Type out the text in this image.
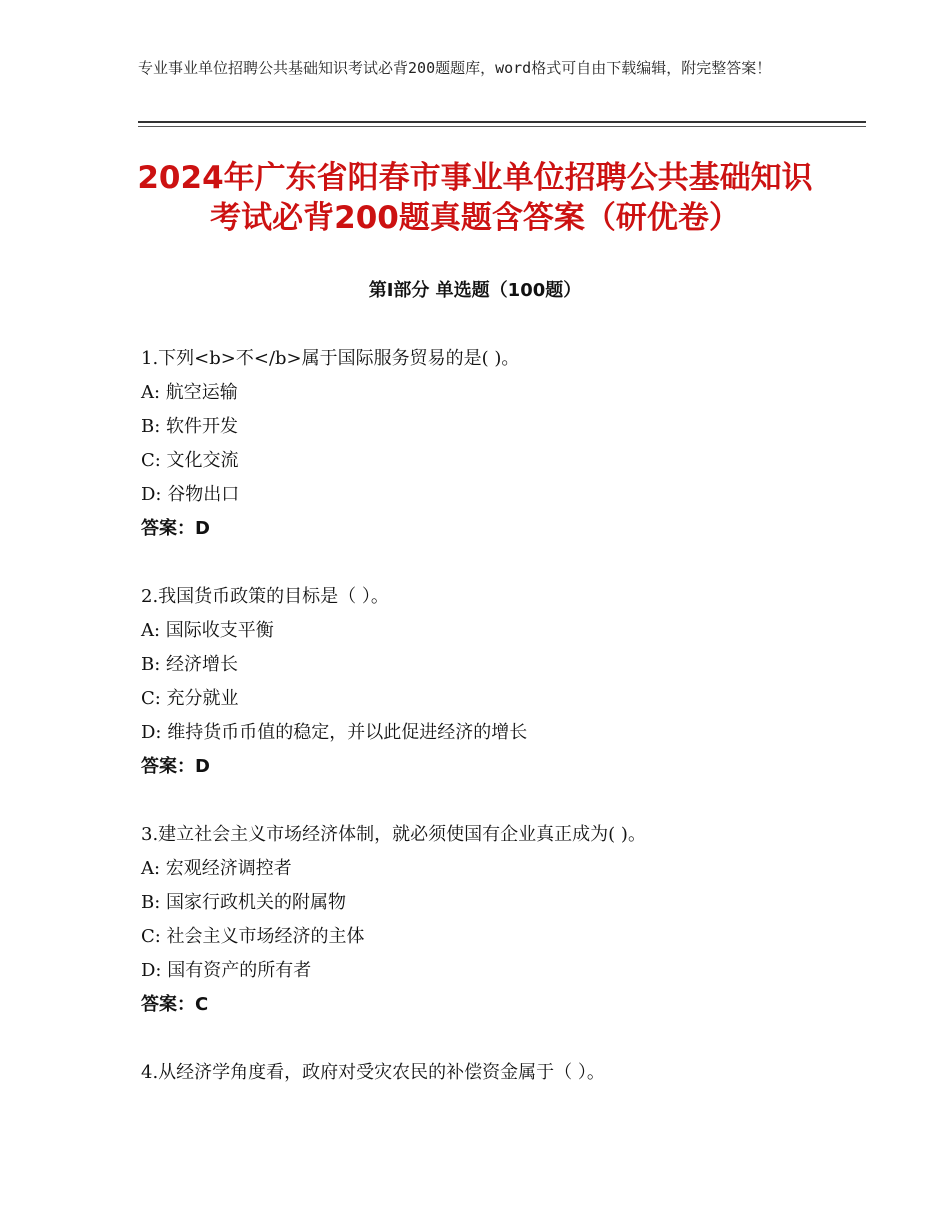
专业事业单位招聘公共基础知识考试必背200题题库，word格式可自由下载编辑，附完整答案！
2024年广东省阳春市事业单位招聘公共基础知识考试必背200题真题含答案（研优卷）
第Ⅰ部分 单选题（100题）
1.下列<b>不</b>属于国际服务贸易的是( )。
A: 航空运输
B: 软件开发
C: 文化交流
D: 谷物出口
答案：D
2.我国货币政策的目标是（ ）。
A: 国际收支平衡
B: 经济增长
C: 充分就业
D: 维持货币币值的稳定，并以此促进经济的增长
答案：D
3.建立社会主义市场经济体制，就必须使国有企业真正成为( )。
A: 宏观经济调控者
B: 国家行政机关的附属物
C: 社会主义市场经济的主体
D: 国有资产的所有者
答案：C
4.从经济学角度看，政府对受灾农民的补偿资金属于（ ）。
